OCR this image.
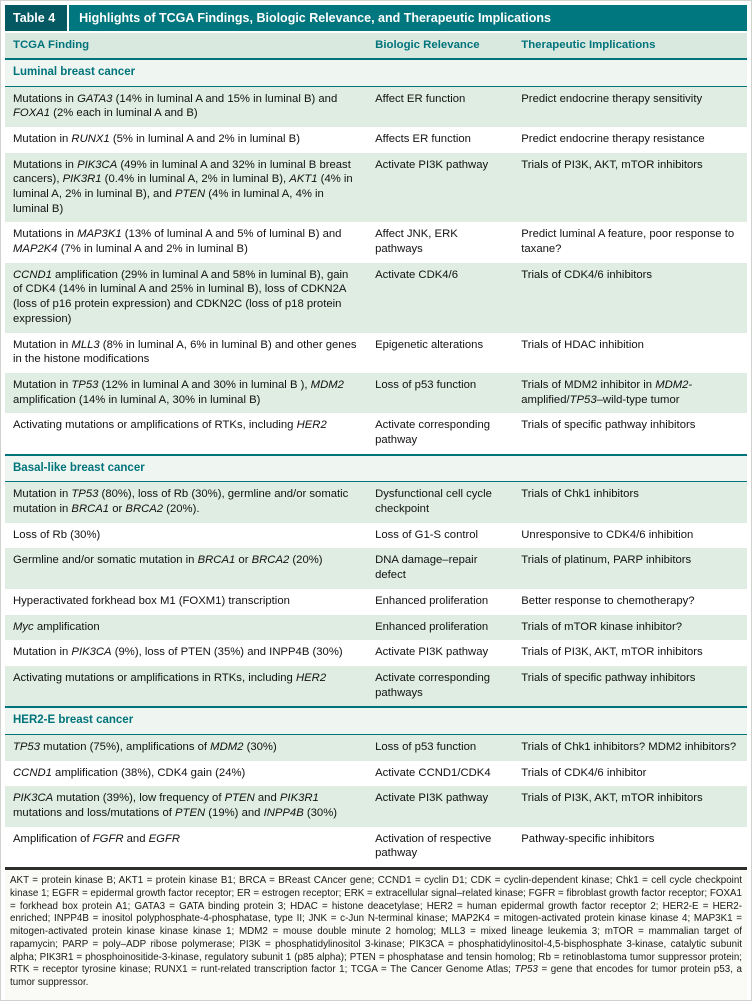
Table 4	Highlights of TCGA Findings, Biologic Relevance, and Therapeutic Implications
TCGA Finding	Biologic Relevance	Therapeutic Implications
Luminal breast cancer		
Mutations in GATA3 (14% in luminal A and 15% in luminal B) and FOXA1 (2% each in luminal A and B)	Affect ER function	Predict endocrine therapy sensitivity
Mutation in RUNX1 (5% in luminal A and 2% in luminal B)	Affects ER function	Predict endocrine therapy resistance
Mutations in PIK3CA (49% in luminal A and 32% in luminal B breast cancers), PIK3R1 (0.4% in luminal A, 2% in luminal B), AKT1 (4% in luminal A, 2% in luminal B), and PTEN (4% in luminal A, 4% in luminal B)	Activate PI3K pathway	Trials of PI3K, AKT, mTOR inhibitors
Mutations in MAP3K1 (13% of luminal A and 5% of luminal B) and MAP2K4 (7% in luminal A and 2% in luminal B)	Affect JNK, ERK pathways	Predict luminal A feature, poor response to taxane?
CCND1 amplification (29% in luminal A and 58% in luminal B), gain of CDK4 (14% in luminal A and 25% in luminal B), loss of CDKN2A (loss of p16 protein expression) and CDKN2C (loss of p18 protein expression)	Activate CDK4/6	Trials of CDK4/6 inhibitors
Mutation in MLL3 (8% in luminal A, 6% in luminal B) and other genes in the histone modifications	Epigenetic alterations	Trials of HDAC inhibition
Mutation in TP53 (12% in luminal A and 30% in luminal B ), MDM2 amplification (14% in luminal A, 30% in luminal B)	Loss of p53 function	Trials of MDM2 inhibitor in MDM2-amplified/TP53–wild-type tumor
Activating mutations or amplifications of RTKs, including HER2	Activate corresponding pathway	Trials of specific pathway inhibitors
Basal-like breast cancer		
Mutation in TP53 (80%), loss of Rb (30%), germline and/or somatic mutation in BRCA1 or BRCA2 (20%).	Dysfunctional cell cycle checkpoint	Trials of Chk1 inhibitors
Loss of Rb (30%)	Loss of G1-S control	Unresponsive to CDK4/6 inhibition
Germline and/or somatic mutation in BRCA1 or BRCA2 (20%)	DNA damage–repair defect	Trials of platinum, PARP inhibitors
Hyperactivated forkhead box M1 (FOXM1) transcription	Enhanced proliferation	Better response to chemotherapy?
Myc amplification	Enhanced proliferation	Trials of mTOR kinase inhibitor?
Mutation in PIK3CA (9%), loss of PTEN (35%) and INPP4B (30%)	Activate PI3K pathway	Trials of PI3K, AKT, mTOR inhibitors
Activating mutations or amplifications in RTKs, including HER2	Activate corresponding pathways	Trials of specific pathway inhibitors
HER2-E breast cancer		
TP53 mutation (75%), amplifications of MDM2 (30%)	Loss of p53 function	Trials of Chk1 inhibitors? MDM2 inhibitors?
CCND1 amplification (38%), CDK4 gain (24%)	Activate CCND1/CDK4	Trials of CDK4/6 inhibitor
PIK3CA mutation (39%), low frequency of PTEN and PIK3R1 mutations and loss/mutations of PTEN (19%) and INPP4B (30%)	Activate PI3K pathway	Trials of PI3K, AKT, mTOR inhibitors
Amplification of FGFR and EGFR	Activation of respective pathway	Pathway-specific inhibitors
AKT = protein kinase B; AKT1 = protein kinase B1; BRCA = BReast CAncer gene; CCND1 = cyclin D1; CDK = cyclin-dependent kinase; Chk1 = cell cycle checkpoint kinase 1; EGFR = epidermal growth factor receptor; ER = estrogen receptor; ERK = extracellular signal–related kinase; FGFR = fibroblast growth factor receptor; FOXA1 = forkhead box protein A1; GATA3 = GATA binding protein 3; HDAC = histone deacetylase; HER2 = human epidermal growth factor receptor 2; HER2-E = HER2-enriched; INPP4B = inositol polyphosphate-4-phosphatase, type II; JNK = c-Jun N-terminal kinase; MAP2K4 = mitogen-activated protein kinase kinase 4; MAP3K1 = mitogen-activated protein kinase kinase kinase 1; MDM2 = mouse double minute 2 homolog; MLL3 = mixed lineage leukemia 3; mTOR = mammalian target of rapamycin; PARP = poly–ADP ribose polymerase; PI3K = phosphatidylinositol 3-kinase; PIK3CA = phosphatidylinositol-4,5-bisphosphate 3-kinase, catalytic subunit alpha; PIK3R1 = phosphoinositide-3-kinase, regulatory subunit 1 (p85 alpha); PTEN = phosphatase and tensin homolog; Rb = retinoblastoma tumor suppressor protein; RTK = receptor tyrosine kinase; RUNX1 = runt-related transcription factor 1; TCGA = The Cancer Genome Atlas; TP53 = gene that encodes for tumor protein p53, a tumor suppressor.
